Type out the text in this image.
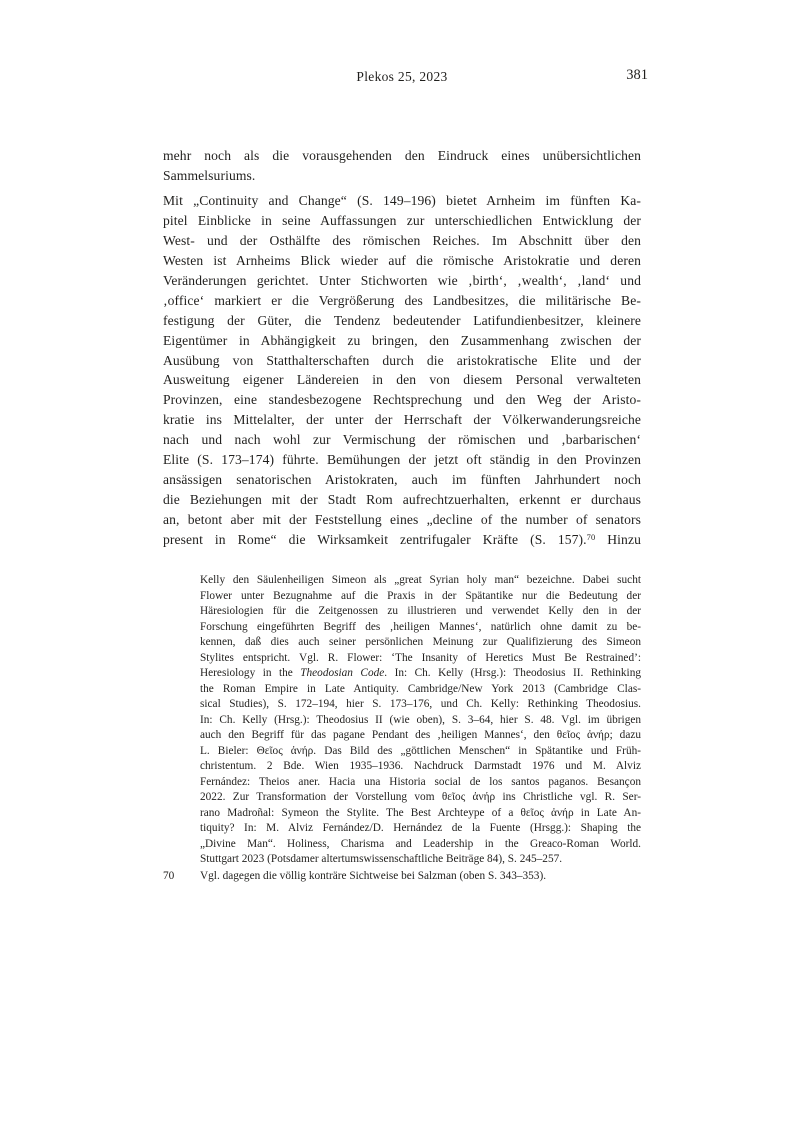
Plekos 25, 2023	381
mehr noch als die vorausgehenden den Eindruck eines unübersichtlichen
Sammelsuriums.
Mit „Continuity and Change“ (S. 149–196) bietet Arnheim im fünften Ka-
pitel Einblicke in seine Auffassungen zur unterschiedlichen Entwicklung der
West- und der Osthälfte des römischen Reiches. Im Abschnitt über den
Westen ist Arnheims Blick wieder auf die römische Aristokratie und deren
Veränderungen gerichtet. Unter Stichworten wie ‚birth‘, ‚wealth‘, ‚land‘ und
‚office‘ markiert er die Vergrößerung des Landbesitzes, die militärische Be-
festigung der Güter, die Tendenz bedeutender Latifundienbesitzer, kleinere
Eigentümer in Abhängigkeit zu bringen, den Zusammenhang zwischen der
Ausübung von Statthalterschaften durch die aristokratische Elite und der
Ausweitung eigener Ländereien in den von diesem Personal verwalteten
Provinzen, eine standesbezogene Rechtsprechung und den Weg der Aristo-
kratie ins Mittelalter, der unter der Herrschaft der Völkerwanderungsreiche
nach und nach wohl zur Vermischung der römischen und ‚barbarischen‘
Elite (S. 173–174) führte. Bemühungen der jetzt oft ständig in den Provinzen
ansässigen senatorischen Aristokraten, auch im fünften Jahrhundert noch
die Beziehungen mit der Stadt Rom aufrechtzuerhalten, erkennt er durchaus
an, betont aber mit der Feststellung eines „decline of the number of senators
present in Rome“ die Wirksamkeit zentrifugaler Kräfte (S. 157).$^{70}$ Hinzu
Kelly den Säulenheiligen Simeon als „great Syrian holy man“ bezeichne. Dabei sucht
Flower unter Bezugnahme auf die Praxis in der Spätantike nur die Bedeutung der
Häresiologien für die Zeitgenossen zu illustrieren und verwendet Kelly den in der
Forschung eingeführten Begriff des ‚heiligen Mannes‘, natürlich ohne damit zu be-
kennen, daß dies auch seiner persönlichen Meinung zur Qualifizierung des Simeon
Stylites entspricht. Vgl. R. Flower: ‘The Insanity of Heretics Must Be Restrained’:
Heresiology in the Theodosian Code. In: Ch. Kelly (Hrsg.): Theodosius II. Rethinking
the Roman Empire in Late Antiquity. Cambridge/New York 2013 (Cambridge Clas-
sical Studies), S. 172–194, hier S. 173–176, und Ch. Kelly: Rethinking Theodosius.
In: Ch. Kelly (Hrsg.): Theodosius II (wie oben), S. 3–64, hier S. 48. Vgl. im übrigen
auch den Begriff für das pagane Pendant des ‚heiligen Mannes‘, den θεῖος ἀνήρ; dazu
L. Bieler: Θεῖος ἀνήρ. Das Bild des „göttlichen Menschen“ in Spätantike und Früh-
christentum. 2 Bde. Wien 1935–1936. Nachdruck Darmstadt 1976 und M. Alviz
Fernández: Theios aner. Hacia una Historia social de los santos paganos. Besançon
2022. Zur Transformation der Vorstellung vom θεῖος ἀνήρ ins Christliche vgl. R. Ser-
rano Madroñal: Symeon the Stylite. The Best Archteype of a θεῖος ἀνήρ in Late An-
tiquity? In: M. Alviz Fernández/D. Hernández de la Fuente (Hrsgg.): Shaping the
„Divine Man“. Holiness, Charisma and Leadership in the Greaco-Roman World.
Stuttgart 2023 (Potsdamer altertumswissenschaftliche Beiträge 84), S. 245–257.
70	Vgl. dagegen die völlig konträre Sichtweise bei Salzman (oben S. 343–353).
